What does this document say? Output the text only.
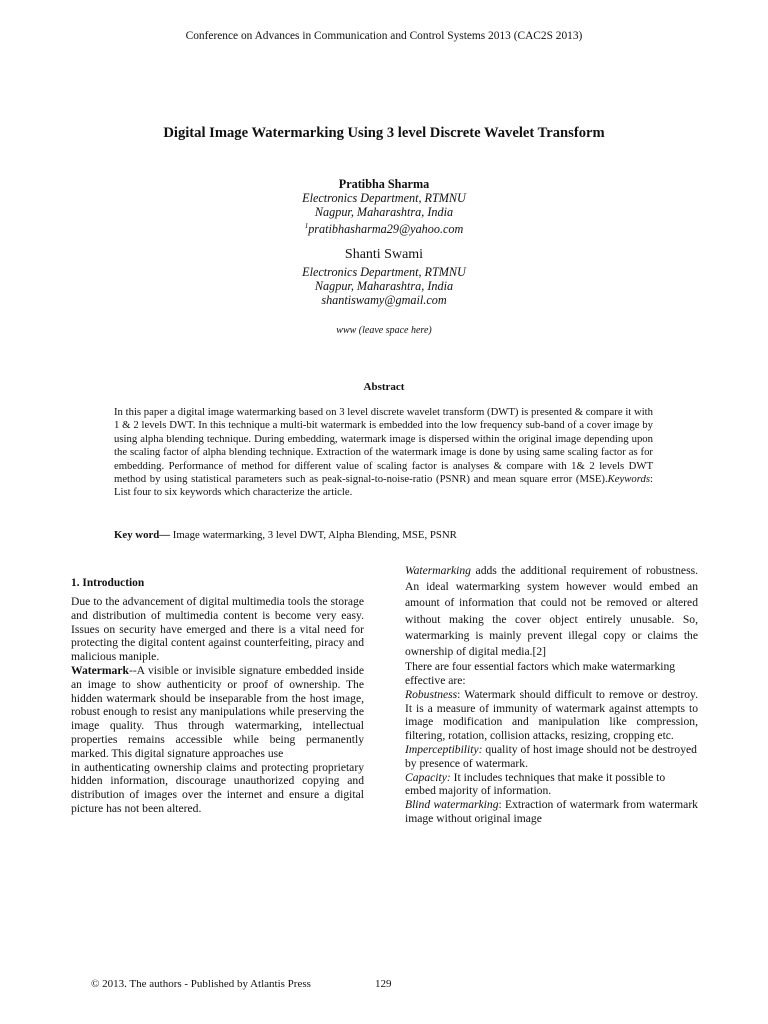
Conference on Advances in Communication and Control Systems 2013 (CAC2S 2013)
Digital Image Watermarking Using 3 level Discrete Wavelet Transform
Pratibha Sharma
Electronics Department, RTMNU
Nagpur, Maharashtra, India
$^1$pratibhasharma29@yahoo.com
Shanti Swami
Electronics Department, RTMNU
Nagpur, Maharashtra, India
shantiswamy@gmail.com
www (leave space here)
Abstract
In this paper a digital image watermarking based on 3 level discrete wavelet transform (DWT) is presented & compare it with 1 & 2 levels DWT. In this technique a multi-bit watermark is embedded into the low frequency sub-band of a cover image by using alpha blending technique. During embedding, watermark image is dispersed within the original image depending upon the scaling factor of alpha blending technique. Extraction of the watermark image is done by using same scaling factor as for embedding. Performance of method for different value of scaling factor is analyses & compare with 1& 2 levels DWT method by using statistical parameters such as peak-signal-to-noise-ratio (PSNR) and mean square error (MSE).Keywords: List four to six keywords which characterize the article.
Key word— Image watermarking, 3 level DWT, Alpha Blending, MSE, PSNR
1. Introduction
Due to the advancement of digital multimedia tools the storage and distribution of multimedia content is become very easy. Issues on security have emerged and there is a vital need for protecting the digital content against counterfeiting, piracy and malicious maniple.
Watermark--A visible or invisible signature embedded inside an image to show authenticity or proof of ownership. The hidden watermark should be inseparable from the host image, robust enough to resist any manipulations while preserving the image quality. Thus through watermarking, intellectual properties remains accessible while being permanently marked. This digital signature approaches use
in authenticating ownership claims and protecting proprietary hidden information, discourage unauthorized copying and distribution of images over the internet and ensure a digital picture has not been altered.
Watermarking adds the additional requirement of robustness. An ideal watermarking system however would embed an amount of information that could not be removed or altered without making the cover object entirely unusable. So, watermarking is mainly prevent illegal copy or claims the ownership of digital media.[2]
There are four essential factors which make watermarking effective are:
Robustness: Watermark should difficult to remove or destroy. It is a measure of immunity of watermark against attempts to image modification and manipulation like compression, filtering, rotation, collision attacks, resizing, cropping etc.
Imperceptibility: quality of host image should not be destroyed by presence of watermark.
Capacity: It includes techniques that make it possible to embed majority of information.
Blind watermarking: Extraction of watermark from watermark image without original image
© 2013. The authors - Published by Atlantis Press	129
